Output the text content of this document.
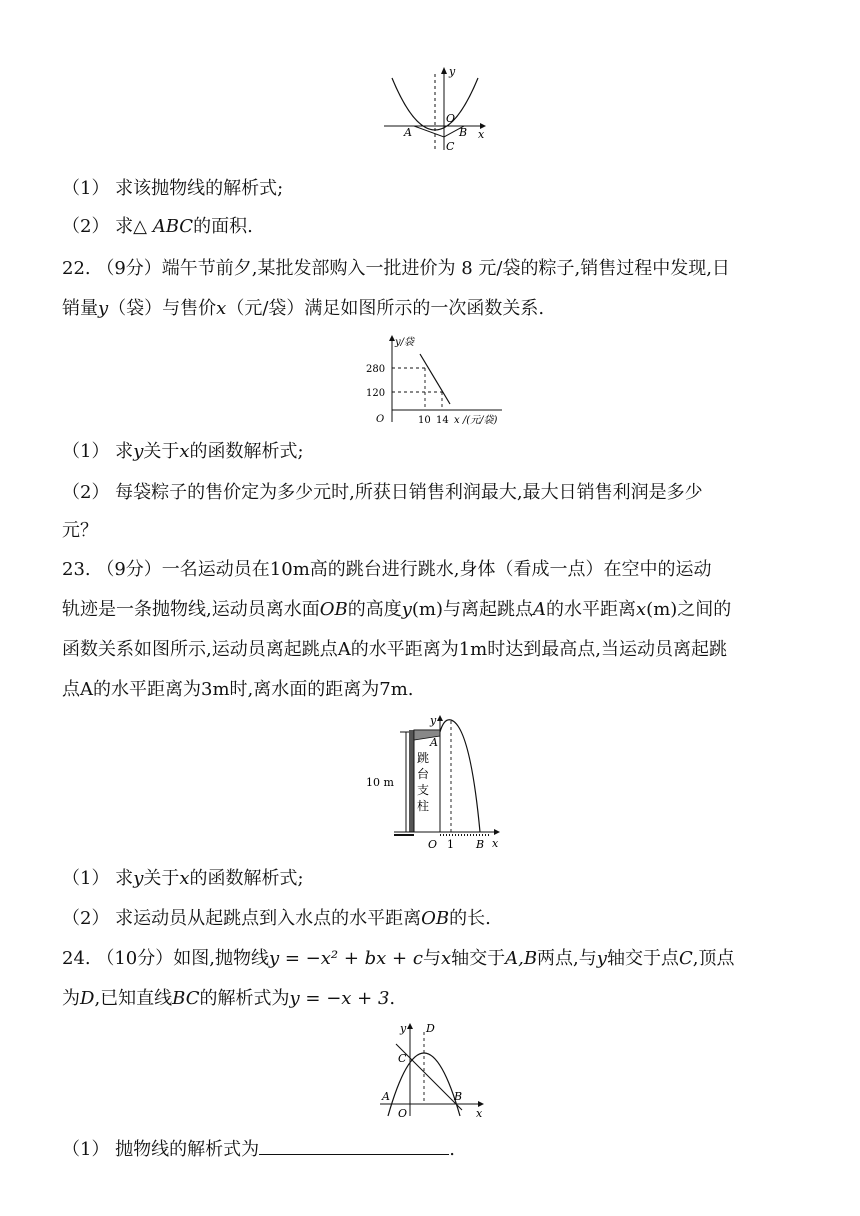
y
x
O
A	B
C
（1） 求该抛物线的解析式;
（2） 求△ ABC的面积.
22. （9分）端午节前夕,某批发部购入一批进价为 8 元/袋的粽子,销售过程中发现,日
销量y（袋）与售价x（元/袋）满足如图所示的一次函数关系.
y/袋
280
120
O	10 14 x /(元/袋)
（1） 求y关于x的函数解析式;
（2） 每袋粽子的售价定为多少元时,所获日销售利润最大,最大日销售利润是多少
元？
23. （9分）一名运动员在10m高的跳台进行跳水,身体（看成一点）在空中的运动
轨迹是一条抛物线,运动员离水面OB的高度y(m)与离起跳点A的水平距离x(m)之间的
函数关系如图所示,运动员离起跳点A的水平距离为1m时达到最高点,当运动员离起跳
点A的水平距离为3m时,离水面的距离为7m.
10 m
跳
台
支
柱
y
A
O 1 B x
（1） 求y关于x的函数解析式;
（2） 求运动员从起跳点到入水点的水平距离OB的长.
24. （10分）如图,抛物线y = −x² + bx + c与x轴交于A,B两点,与y轴交于点C,顶点
为D,已知直线BC的解析式为y = −x + 3.
y D
C
A
O
B
x
（1） 抛物线的解析式为	.
